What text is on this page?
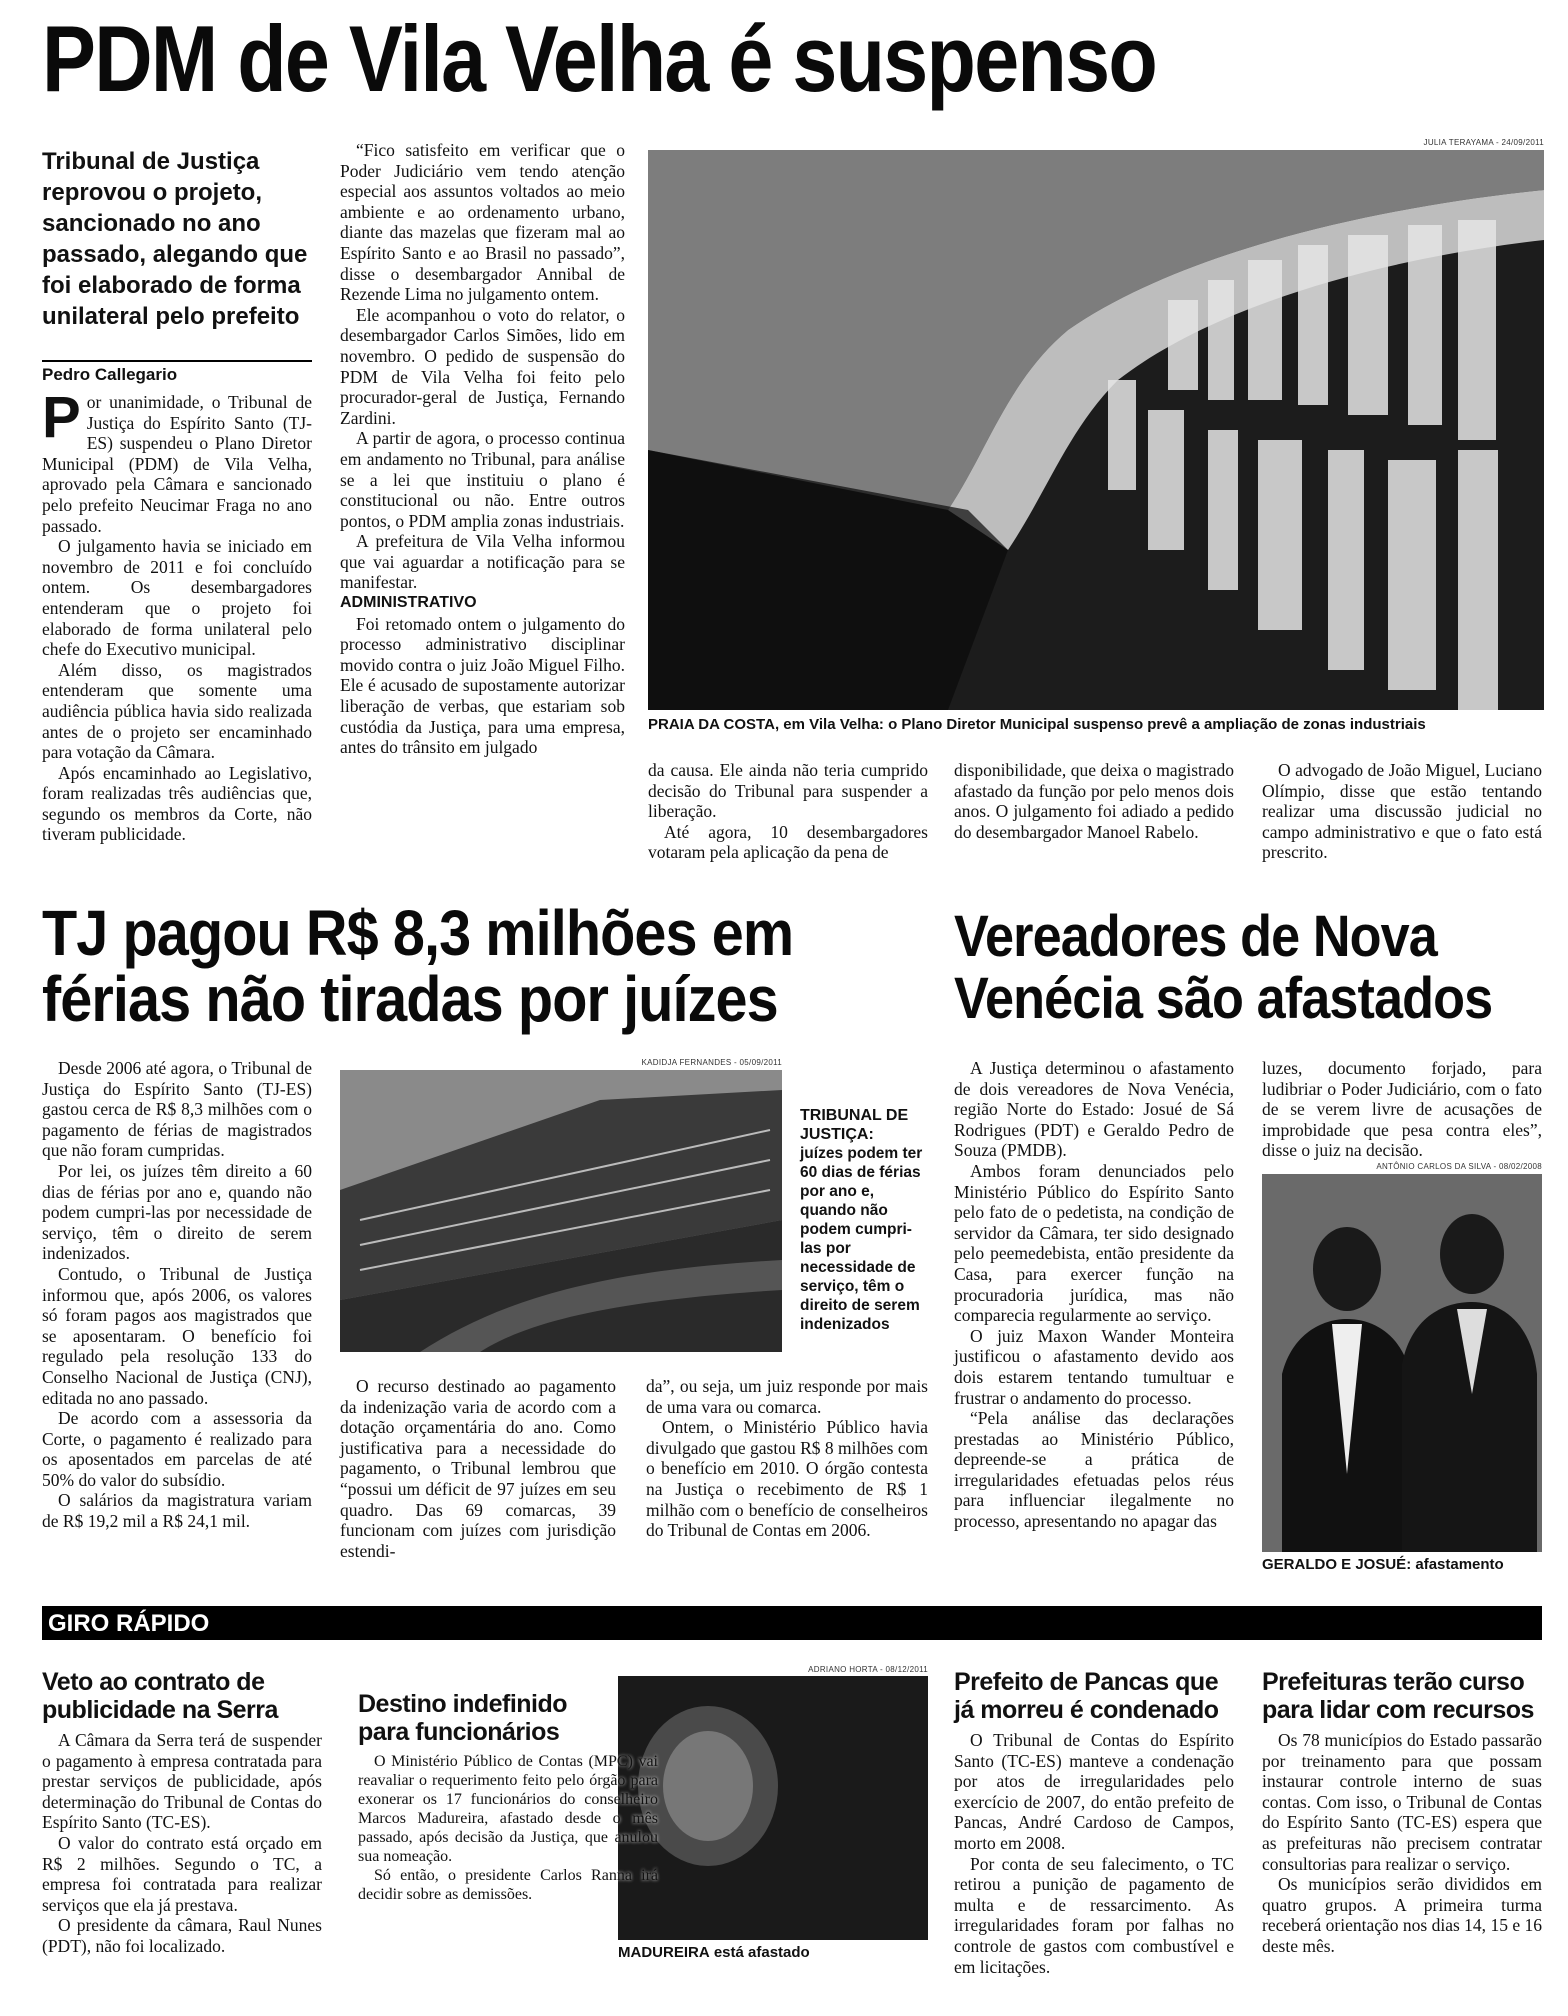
PDM de Vila Velha é suspenso
Tribunal de Justiça
reprovou o projeto,
sancionado no ano
passado, alegando que
foi elaborado de forma
unilateral pelo prefeito
Pedro Callegario

Por unanimidade, o Tribunal de Justiça do Espírito Santo (TJ-ES) suspendeu o Plano Diretor Municipal (PDM) de Vila Velha, aprovado pela Câmara e sancionado pelo prefeito Neucimar Fraga no ano passado.

O julgamento havia se iniciado em novembro de 2011 e foi concluído ontem. Os desembargadores entenderam que o projeto foi elaborado de forma unilateral pelo chefe do Executivo municipal.

Além disso, os magistrados entenderam que somente uma audiência pública havia sido realizada antes de o projeto ser encaminhado para votação da Câmara.

Após encaminhado ao Legislativo, foram realizadas três audiências que, segundo os membros da Corte, não tiveram publicidade.

“Fico satisfeito em verificar que o Poder Judiciário vem tendo atenção especial aos assuntos voltados ao meio ambiente e ao ordenamento urbano, diante das mazelas que fizeram mal ao Espírito Santo e ao Brasil no passado”, disse o desembargador Annibal de Rezende Lima no julgamento ontem.

Ele acompanhou o voto do relator, o desembargador Carlos Simões, lido em novembro. O pedido de suspensão do PDM de Vila Velha foi feito pelo procurador-geral de Justiça, Fernando Zardini.

A partir de agora, o processo continua em andamento no Tribunal, para análise se a lei que instituiu o plano é constitucional ou não. Entre outros pontos, o PDM amplia zonas industriais.

A prefeitura de Vila Velha informou que vai aguardar a notificação para se manifestar.

ADMINISTRATIVO

Foi retomado ontem o julgamento do processo administrativo disciplinar movido contra o juiz João Miguel Filho. Ele é acusado de supostamente autorizar liberação de verbas, que estariam sob custódia da Justiça, para uma empresa, antes do trânsito em julgado

JULIA TERAYAMA - 24/09/2011
PRAIA DA COSTA, em Vila Velha: o Plano Diretor Municipal suspenso prevê a ampliação de zonas industriais

da causa. Ele ainda não teria cumprido decisão do Tribunal para suspender a liberação.

Até agora, 10 desembargadores votaram pela aplicação da pena de

disponibilidade, que deixa o magistrado afastado da função por pelo menos dois anos. O julgamento foi adiado a pedido do desembargador Manoel Rabelo.

O advogado de João Miguel, Luciano Olímpio, disse que estão tentando realizar uma discussão judicial no campo administrativo e que o fato está prescrito.

TJ pagou R$ 8,3 milhões em
férias não tiradas por juízes

Desde 2006 até agora, o Tribunal de Justiça do Espírito Santo (TJ-ES) gastou cerca de R$ 8,3 milhões com o pagamento de férias de magistrados que não foram cumpridas.

Por lei, os juízes têm direito a 60 dias de férias por ano e, quando não podem cumpri-las por necessidade de serviço, têm o direito de serem indenizados.

Contudo, o Tribunal de Justiça informou que, após 2006, os valores só foram pagos aos magistrados que se aposentaram. O benefício foi regulado pela resolução 133 do Conselho Nacional de Justiça (CNJ), editada no ano passado.

De acordo com a assessoria da Corte, o pagamento é realizado para os aposentados em parcelas de até 50% do valor do subsídio.

O salários da magistratura variam de R$ 19,2 mil a R$ 24,1 mil.

KADIDJA FERNANDES - 05/09/2011
TRIBUNAL DE JUSTIÇA:
juízes podem ter 60 dias de férias por ano e, quando não podem cumpri-las por necessidade de serviço, têm o direito de serem indenizados

O recurso destinado ao pagamento da indenização varia de acordo com a dotação orçamentária do ano. Como justificativa para a necessidade do pagamento, o Tribunal lembrou que “possui um déficit de 97 juízes em seu quadro. Das 69 comarcas, 39 funcionam com juízes com jurisdição estendi-

da”, ou seja, um juiz responde por mais de uma vara ou comarca.

Ontem, o Ministério Público havia divulgado que gastou R$ 8 milhões com o benefício em 2010. O órgão contesta na Justiça o recebimento de R$ 1 milhão com o benefício de conselheiros do Tribunal de Contas em 2006.

Vereadores de Nova
Venécia são afastados

A Justiça determinou o afastamento de dois vereadores de Nova Venécia, região Norte do Estado: Josué de Sá Rodrigues (PDT) e Geraldo Pedro de Souza (PMDB).

Ambos foram denunciados pelo Ministério Público do Espírito Santo pelo fato de o pedetista, na condição de servidor da Câmara, ter sido designado pelo peemedebista, então presidente da Casa, para exercer função na procuradoria jurídica, mas não comparecia regularmente ao serviço.

O juiz Maxon Wander Monteira justificou o afastamento devido aos dois estarem tentando tumultuar e frustrar o andamento do processo.

“Pela análise das declarações prestadas ao Ministério Público, depreende-se a prática de irregularidades efetuadas pelos réus para influenciar ilegalmente no processo, apresentando no apagar das

luzes, documento forjado, para ludibriar o Poder Judiciário, com o fato de se verem livre de acusações de improbidade que pesa contra eles”, disse o juiz na decisão.

ANTÔNIO CARLOS DA SILVA - 08/02/2008
GERALDO E JOSUÉ: afastamento
GIRO RÁPIDO
Veto ao contrato de
publicidade na Serra

A Câmara da Serra terá de suspender o pagamento à empresa contratada para prestar serviços de publicidade, após determinação do Tribunal de Contas do Espírito Santo (TC-ES).

O valor do contrato está orçado em R$ 2 milhões. Segundo o TC, a empresa foi contratada para realizar serviços que ela já prestava.

O presidente da câmara, Raul Nunes (PDT), não foi localizado.

ADRIANO HORTA - 08/12/2011
Destino indefinido
para funcionários

O Ministério Público de Contas (MPC) vai reavaliar o requerimento feito pelo órgão para exonerar os 17 funcionários do conselheiro Marcos Madureira, afastado desde o mês passado, após decisão da Justiça, que anulou sua nomeação.

Só então, o presidente Carlos Ranna irá decidir sobre as demissões.

MADUREIRA está afastado
Prefeito de Pancas que
já morreu é condenado

O Tribunal de Contas do Espírito Santo (TC-ES) manteve a condenação por atos de irregularidades pelo exercício de 2007, do então prefeito de Pancas, André Cardoso de Campos, morto em 2008.

Por conta de seu falecimento, o TC retirou a punição de pagamento de multa e de ressarcimento. As irregularidades foram por falhas no controle de gastos com combustível e em licitações.

Prefeituras terão curso
para lidar com recursos

Os 78 municípios do Estado passarão por treinamento para que possam instaurar controle interno de suas contas. Com isso, o Tribunal de Contas do Espírito Santo (TC-ES) espera que as prefeituras não precisem contratar consultorias para realizar o serviço.

Os municípios serão divididos em quatro grupos. A primeira turma receberá orientação nos dias 14, 15 e 16 deste mês.
